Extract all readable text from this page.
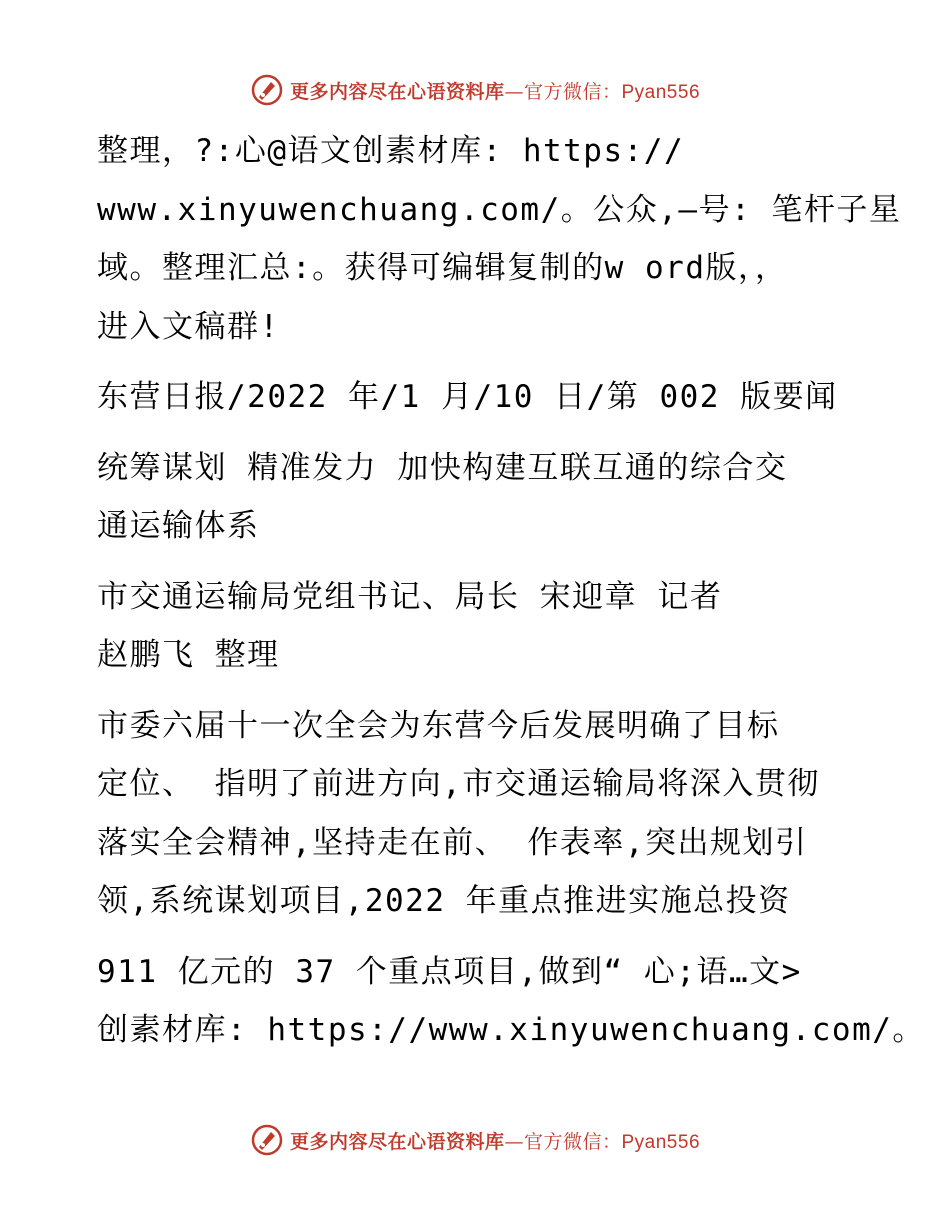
更多内容尽在心语资料库—官方微信：Pyan556

整理，?:心@语文创素材库: https://
www.xinyuwenchuang.com/。公众,—号: 笔杆子星
域。整理汇总:。获得可编辑复制的w ord版，，
进入文稿群!

东营日报/2022 年/1 月/10 日/第 002 版要闻

统筹谋划 精准发力 加快构建互联互通的综合交
通运输体系

市交通运输局党组书记、局长 宋迎章 记者
赵鹏飞 整理

市委六届十一次全会为东营今后发展明确了目标
定位、 指明了前进方向,市交通运输局将深入贯彻
落实全会精神,坚持走在前、 作表率,突出规划引
领,系统谋划项目,2022 年重点推进实施总投资

911 亿元的 37 个重点项目,做到“ 心;语…文>
创素材库: https://www.xinyuwenchuang.com/。

更多内容尽在心语资料库—官方微信：Pyan556
